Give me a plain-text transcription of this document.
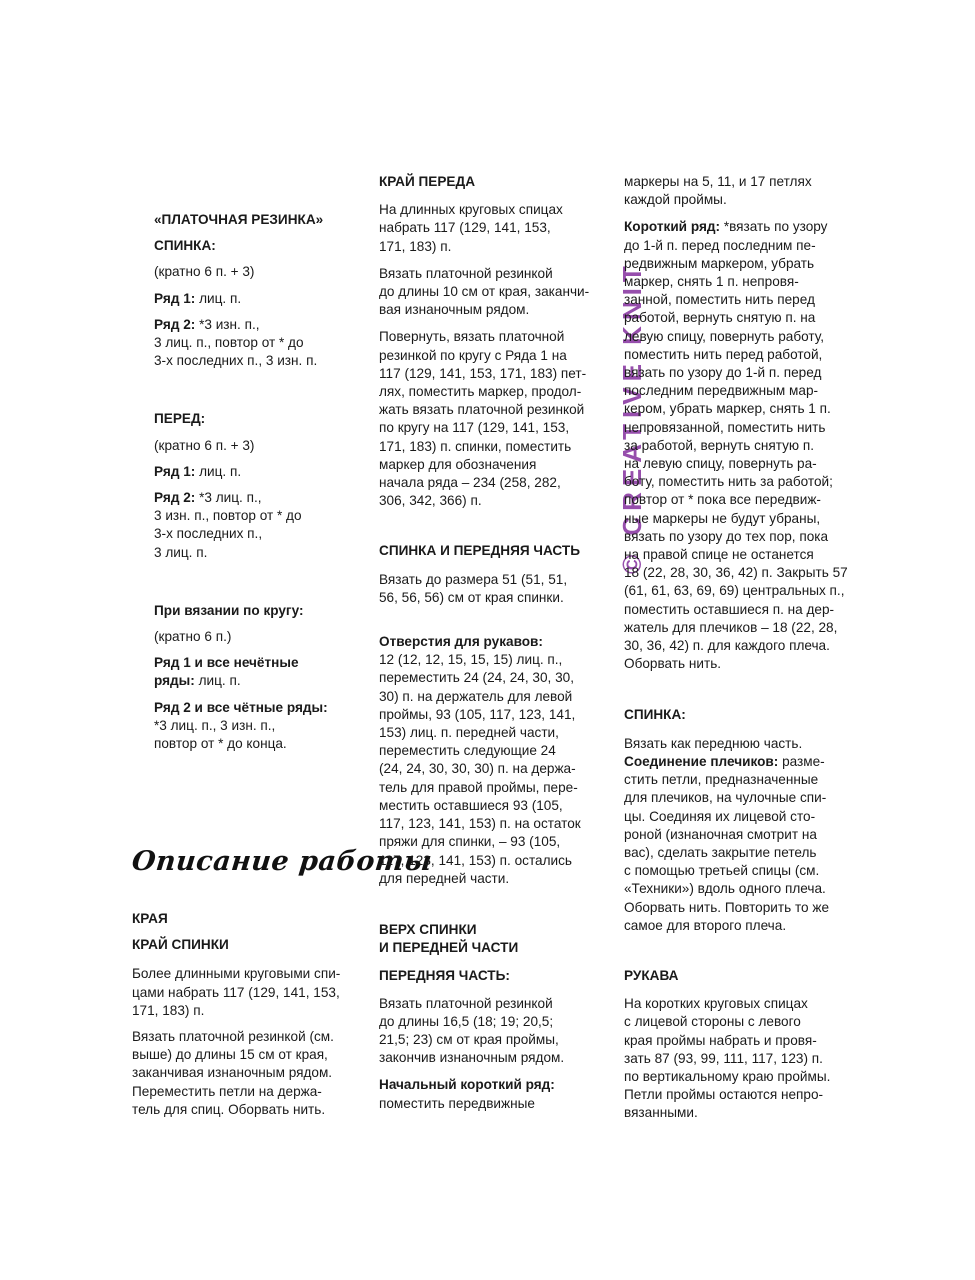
© CREATIVE KNIT

«ПЛАТОЧНАЯ РЕЗИНКА»

СПИНКА:

(кратно 6 п. + 3)

Ряд 1: лиц. п.

Ряд 2: *3 изн. п.,

3 лиц. п., повтор от * до

3-х последних п., 3 изн. п.

ПЕРЕД:

(кратно 6 п. + 3)

Ряд 1: лиц. п.

Ряд 2: *3 лиц. п.,

3 изн. п., повтор от * до

3-х последних п.,

3 лиц. п.

При вязании по кругу:

(кратно 6 п.)

Ряд 1 и все нечётные

ряды: лиц. п.

Ряд 2 и все чётные ряды:

*3 лиц. п., 3 изн. п.,

повтор от * до конца.

Описание работы

КРАЯ

КРАЙ СПИНКИ

Более длинными круговыми спи-

цами набрать 117 (129, 141, 153,

171, 183) п.

Вязать платочной резинкой (см.

выше) до длины 15 см от края,

заканчивая изнаночным рядом.

Переместить петли на держа-

тель для спиц. Оборвать нить.

КРАЙ ПЕРЕДА

На длинных круговых спицах

набрать 117 (129, 141, 153,

171, 183) п.

Вязать платочной резинкой

до длины 10 см от края, заканчи-

вая изнаночным рядом.

Повернуть, вязать платочной

резинкой по кругу с Ряда 1 на

117 (129, 141, 153, 171, 183) пет-

лях, поместить маркер, продол-

жать вязать платочной резинкой

по кругу на 117 (129, 141, 153,

171, 183) п. спинки, поместить

маркер для обозначения

начала ряда – 234 (258, 282,

306, 342, 366) п.

СПИНКА И ПЕРЕДНЯЯ ЧАСТЬ

Вязать до размера 51 (51, 51,

56, 56, 56) см от края спинки.

Отверстия для рукавов:

12 (12, 12, 15, 15, 15) лиц. п.,

переместить 24 (24, 24, 30, 30,

30) п. на держатель для левой

проймы, 93 (105, 117, 123, 141,

153) лиц. п. передней части,

переместить следующие 24

(24, 24, 30, 30, 30) п. на держа-

тель для правой проймы, пере-

местить оставшиеся 93 (105,

117, 123, 141, 153) п. на остаток

пряжи для спинки, – 93 (105,

117, 123, 141, 153) п. остались

для передней части.

ВЕРХ СПИНКИ

И ПЕРЕДНЕЙ ЧАСТИ

ПЕРЕДНЯЯ ЧАСТЬ:

Вязать платочной резинкой

до длины 16,5 (18; 19; 20,5;

21,5; 23) см от края проймы,

закончив изнаночным рядом.

Начальный короткий ряд:

поместить передвижные

маркеры на 5, 11, и 17 петлях

каждой проймы.

Короткий ряд: *вязать по узору

до 1-й п. перед последним пе-

редвижным маркером, убрать

маркер, снять 1 п. непровя-

занной, поместить нить перед

работой, вернуть снятую п. на

левую спицу, повернуть работу,

поместить нить перед работой,

вязать по узору до 1-й п. перед

последним передвижным мар-

кером, убрать маркер, снять 1 п.

непровязанной, поместить нить

за работой, вернуть снятую п.

на левую спицу, повернуть ра-

боту, поместить нить за работой;

повтор от * пока все передвиж-

ные маркеры не будут убраны,

вязать по узору до тех пор, пока

на правой спице не останется

18 (22, 28, 30, 36, 42) п. Закрыть 57

(61, 61, 63, 69, 69) центральных п.,

поместить оставшиеся п. на дер-

жатель для плечиков – 18 (22, 28,

30, 36, 42) п. для каждого плеча.

Оборвать нить.

СПИНКА:

Вязать как переднюю часть.

Соединение плечиков: разме-

стить петли, предназначенные

для плечиков, на чулочные спи-

цы. Соединяя их лицевой сто-

роной (изнаночная смотрит на

вас), сделать закрытие петель

с помощью третьей спицы (см.

«Техники») вдоль одного плеча.

Оборвать нить. Повторить то же

самое для второго плеча.

РУКАВА

На коротких круговых спицах

с лицевой стороны с левого

края проймы набрать и провя-

зать 87 (93, 99, 111, 117, 123) п.

по вертикальному краю проймы.

Петли проймы остаются непро-

вязанными.
